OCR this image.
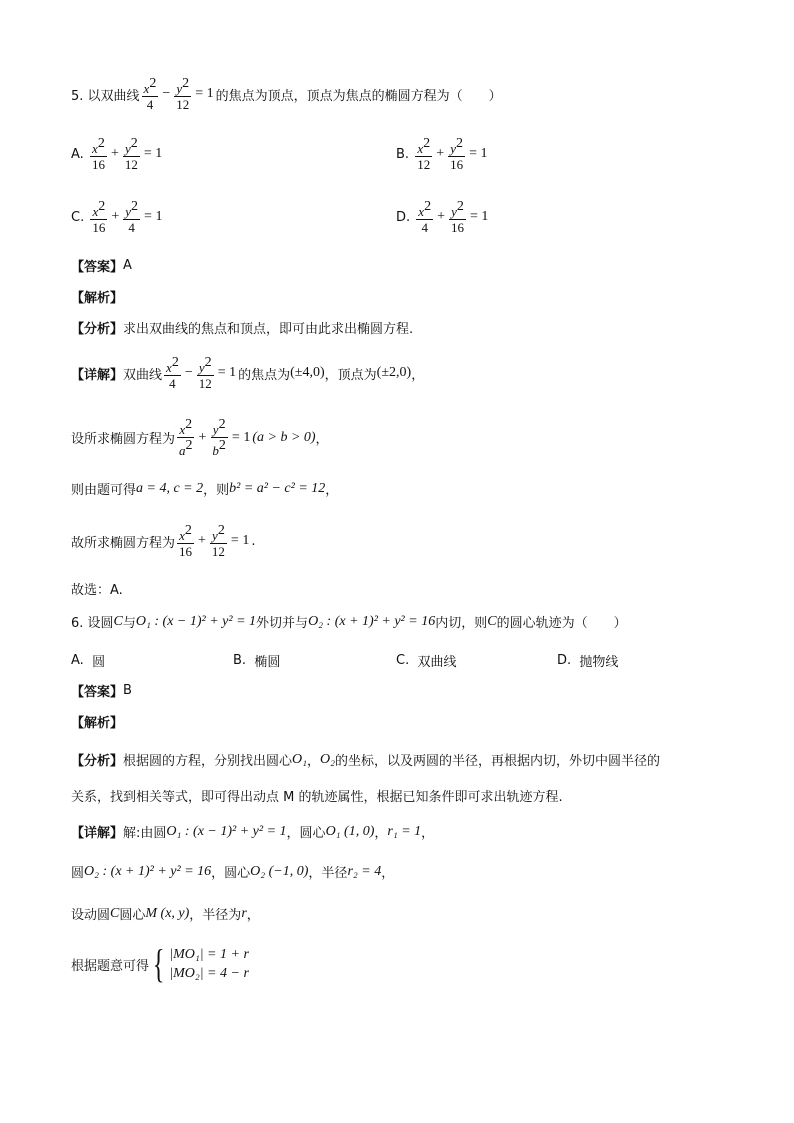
5. 以双曲线 $\frac{x^2}{4} - \frac{y^2}{12} = 1$ 的焦点为顶点，顶点为焦点的椭圆方程为（　　）
A.
$\frac{x^2}{16} + \frac{y^2}{12} = 1$	B.
$\frac{x^2}{12} + \frac{y^2}{16} = 1$
C.
$\frac{x^2}{16} + \frac{y^2}{4} = 1$	D.
$\frac{x^2}{4} + \frac{y^2}{16} = 1$
【答案】 A
【解析】
【分析】 求出双曲线的焦点和顶点，即可由此求出椭圆方程.
【详解】 双曲线 $\frac{x^2}{4} - \frac{y^2}{12} = 1$ 的焦点为 (±4,0) ，顶点为 (±2,0) ，
设所求椭圆方程为 $\frac{x^2}{a^2} + \frac{y^2}{b^2} = 1$ (a > b > 0) ，
则由题可得 a = 4, c = 2 ，则 b² = a² − c² = 12 ，
故所求椭圆方程为 $\frac{x^2}{16} + \frac{y^2}{12} = 1$ .
故选：A.
6. 设圆 C 与 O₁ : (x − 1)² + y² = 1 外切并与 O₂ : (x + 1)² + y² = 16 内切，则 C 的圆心轨迹为（　　）
A.
圆	B.
椭圆	C.
双曲线	D.
抛物线
【答案】 B
【解析】
【分析】 根据圆的方程，分别找出圆心 O₁ ， O₂ 的坐标，以及两圆的半径，再根据内切，外切中圆半径的
关系，找到相关等式，即可得出动点 M 的轨迹属性，根据已知条件即可求出轨迹方程.
【详解】 解:由圆 O₁ : (x − 1)² + y² = 1 ，圆心 O₁ (1, 0) ， r₁ = 1 ，
圆 O₂ : (x + 1)² + y² = 16 ，圆心 O₂ (−1, 0) ，半径 r₂ = 4 ，
设动圆 C 圆心 M (x, y) ，半径为 r ，
根据题意可得 { |MO₁| = 1 + r
|MO₂| = 4 − r
